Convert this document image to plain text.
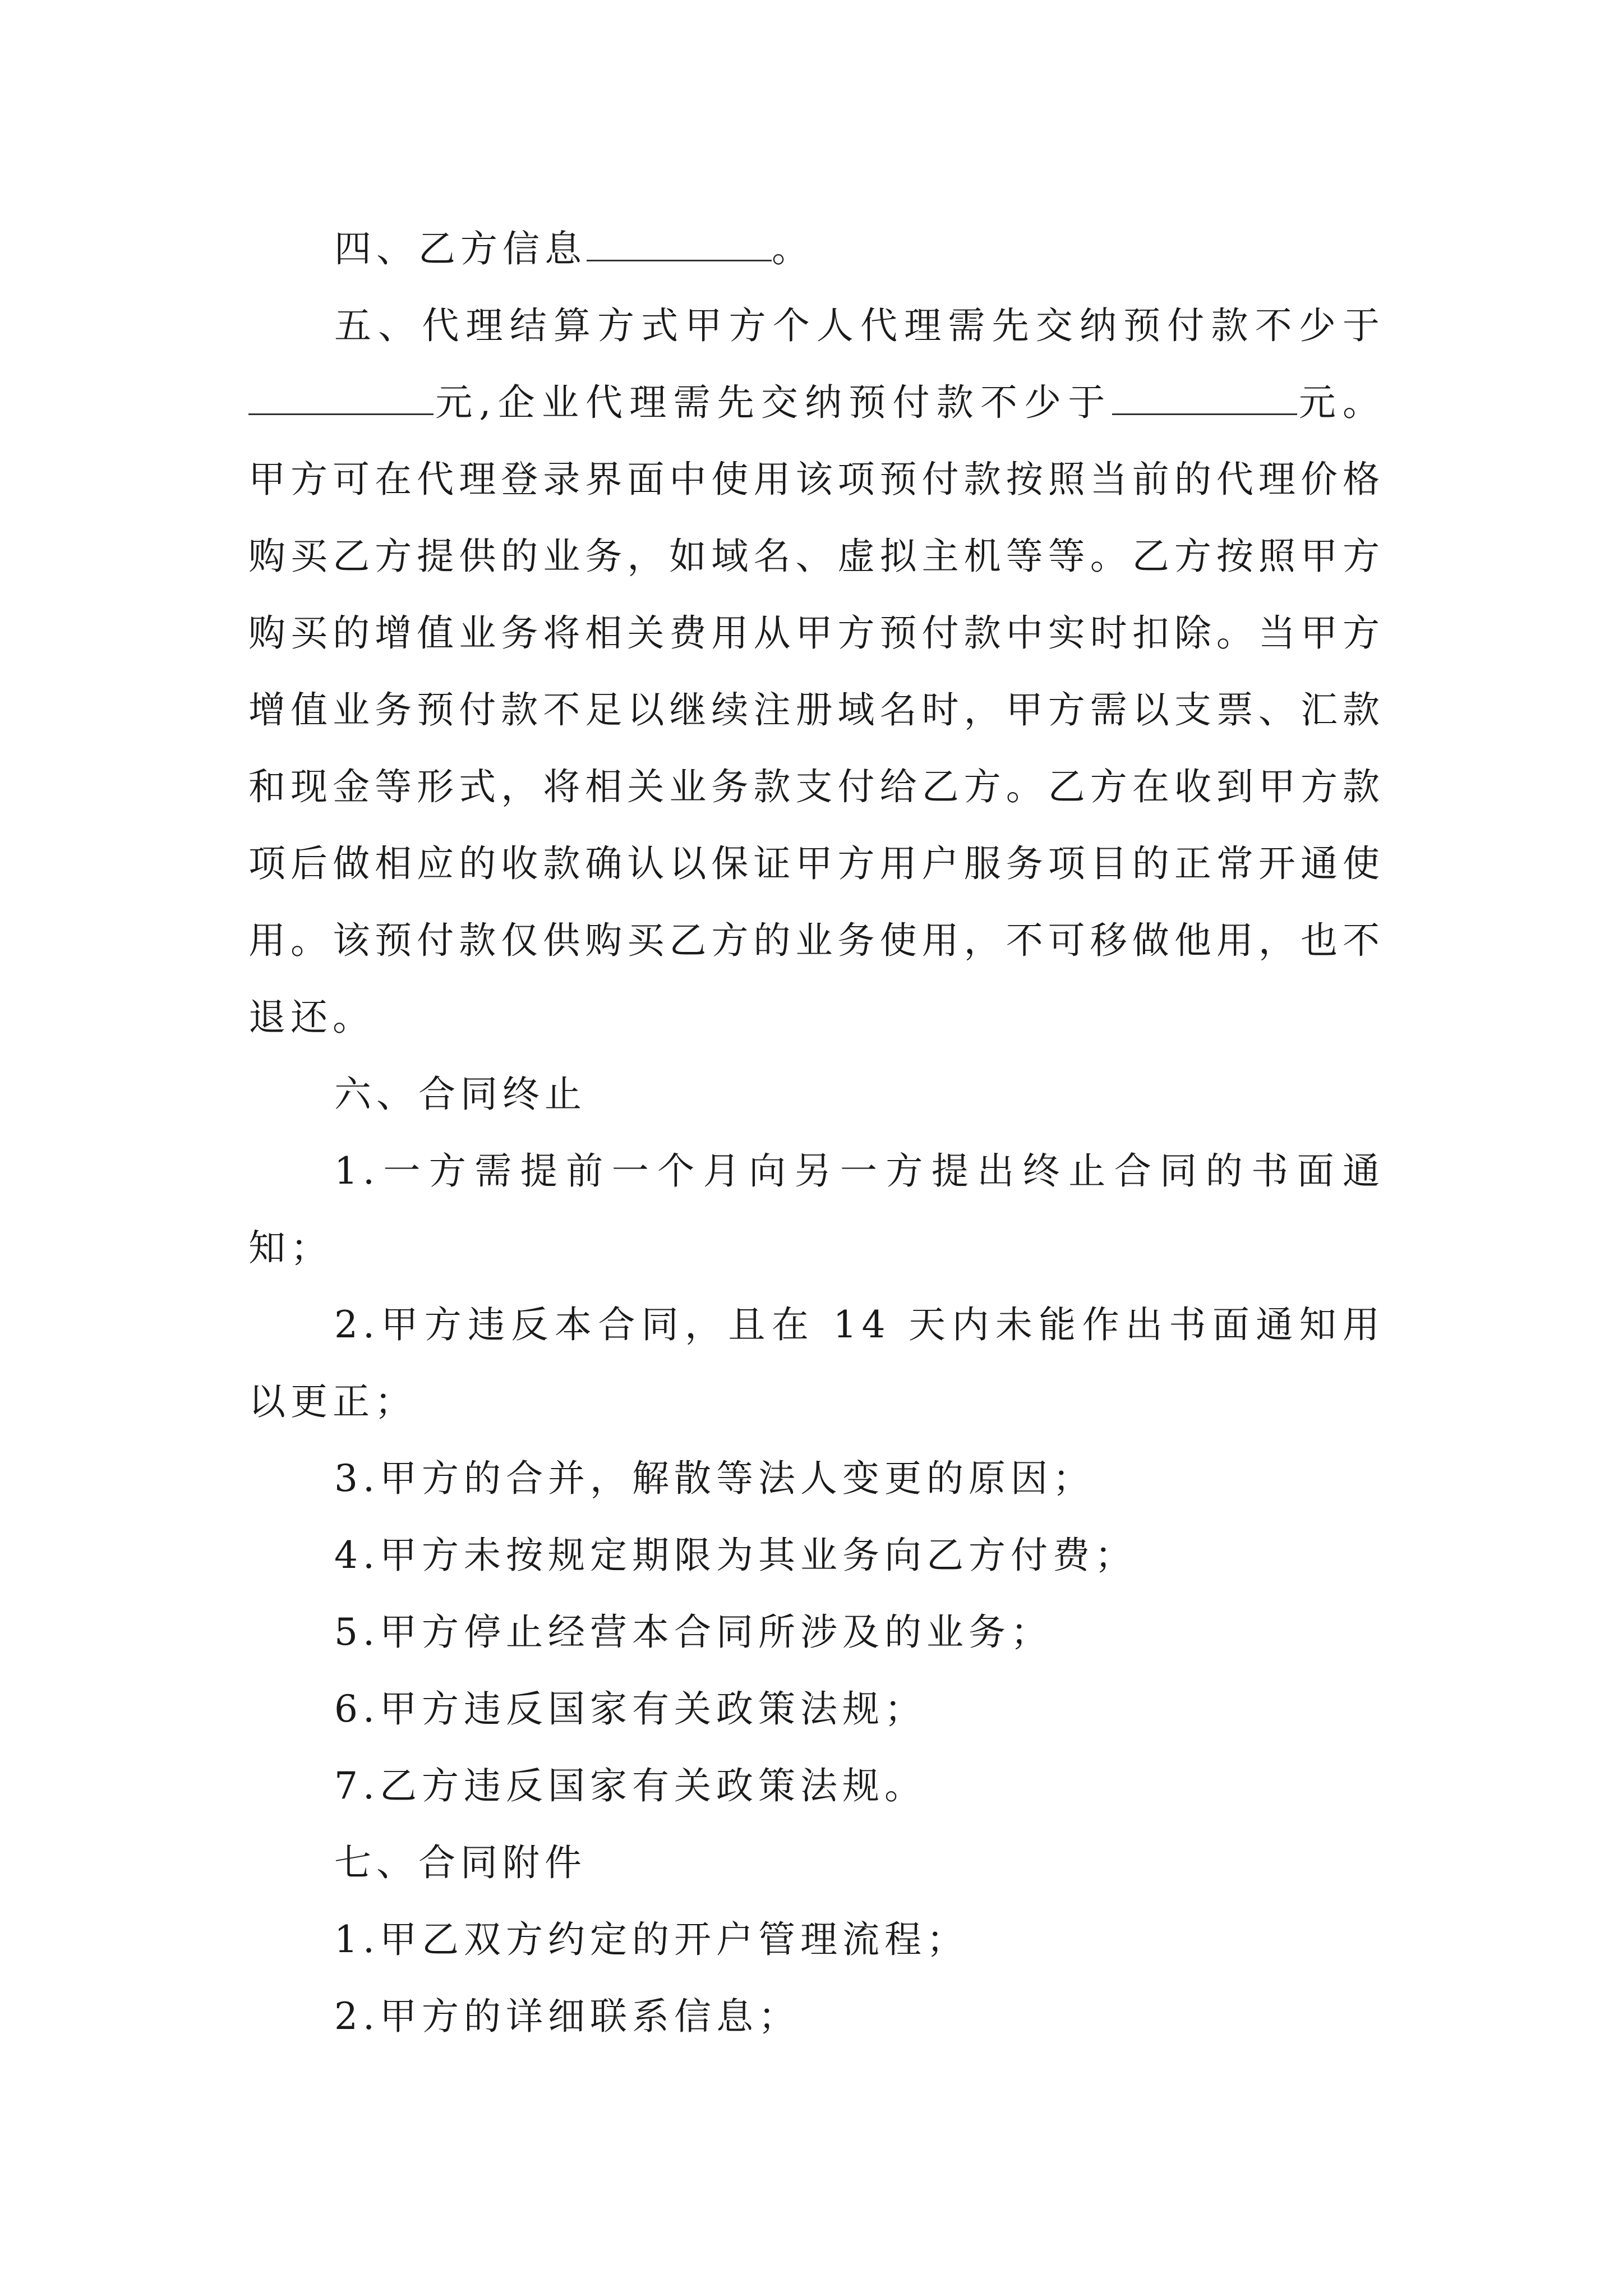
四、乙方信息	。

五、代理结算方式甲方个人代理需先交纳预付款不少于元,企业代理需先交纳预付款不少于	元。甲方可在代理登录界面中使用该项预付款按照当前的代理价格购买乙方提供的业务，如域名、虚拟主机等等。乙方按照甲方购买的增值业务将相关费用从甲方预付款中实时扣除。当甲方增值业务预付款不足以继续注册域名时，甲方需以支票、汇款和现金等形式，将相关业务款支付给乙方。乙方在收到甲方款项后做相应的收款确认以保证甲方用户服务项目的正常开通使用。该预付款仅供购买乙方的业务使用，不可移做他用，也不退还。

六、合同终止

1.一方需提前一个月向另一方提出终止合同的书面通知；

2.甲方违反本合同，且在 14 天内未能作出书面通知用以更正；

3.甲方的合并，解散等法人变更的原因；

4.甲方未按规定期限为其业务向乙方付费；

5.甲方停止经营本合同所涉及的业务；

6.甲方违反国家有关政策法规；

7.乙方违反国家有关政策法规。

七、合同附件

1.甲乙双方约定的开户管理流程；

2.甲方的详细联系信息；
